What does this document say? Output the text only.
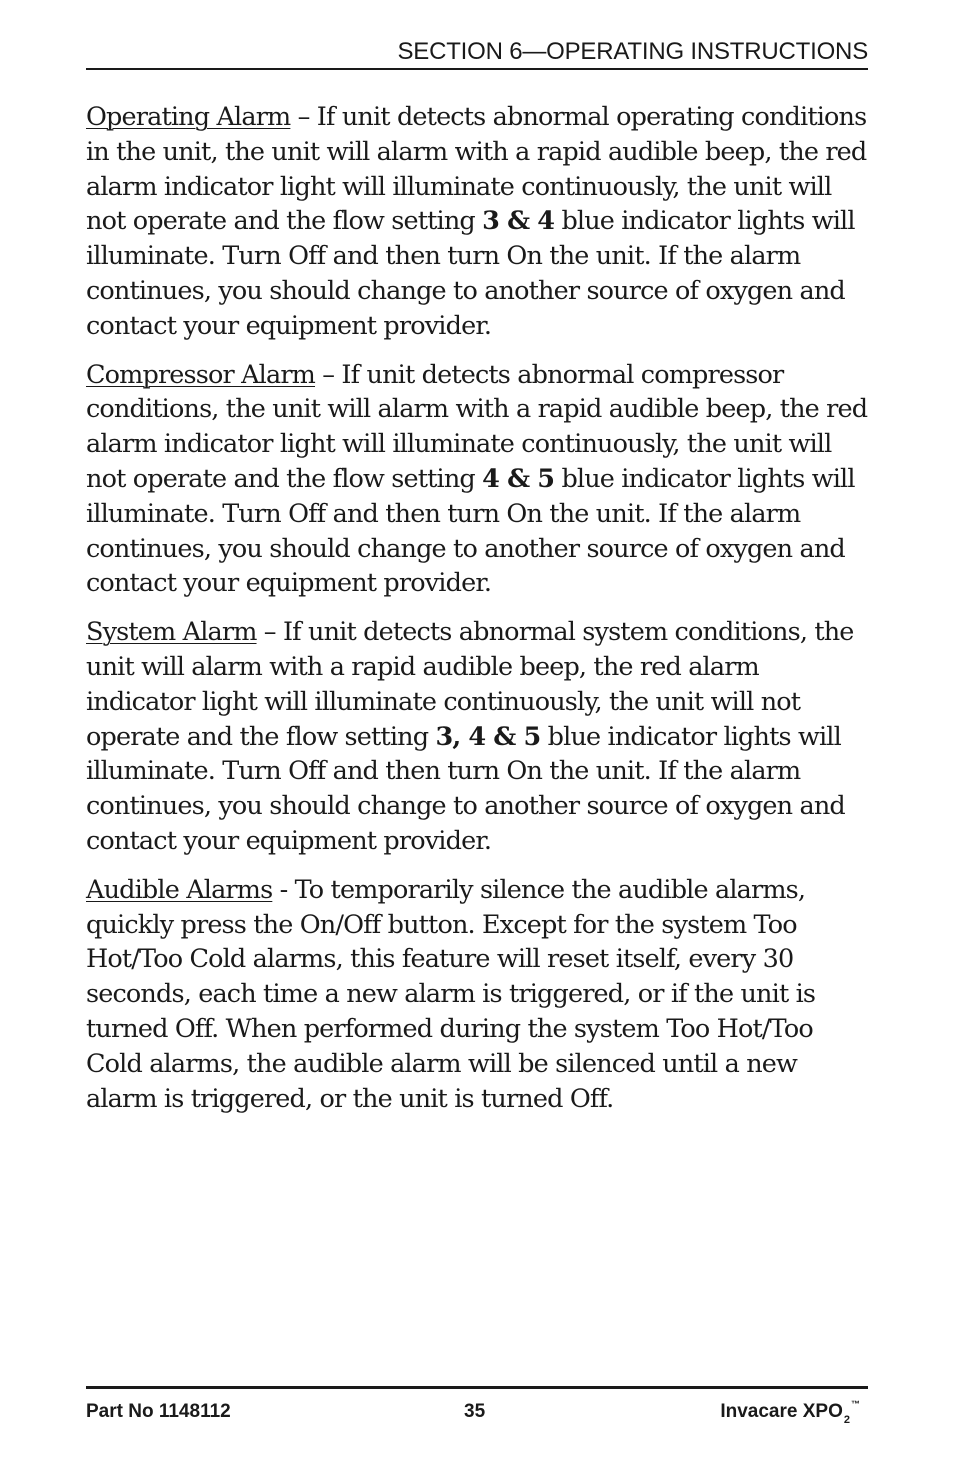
SECTION 6—OPERATING INSTRUCTIONS

Operating Alarm – If unit detects abnormal operating conditions in the unit, the unit will alarm with a rapid audible beep, the red alarm indicator light will illuminate continuously, the unit will not operate and the flow setting 3 & 4 blue indicator lights will illuminate. Turn Off and then turn On the unit. If the alarm continues, you should change to another source of oxygen and contact your equipment provider.

Compressor Alarm – If unit detects abnormal compressor conditions, the unit will alarm with a rapid audible beep, the red alarm indicator light will illuminate continuously, the unit will not operate and the flow setting 4 & 5 blue indicator lights will illuminate. Turn Off and then turn On the unit. If the alarm continues, you should change to another source of oxygen and contact your equipment provider.

System Alarm – If unit detects abnormal system conditions, the unit will alarm with a rapid audible beep, the red alarm indicator light will illuminate continuously, the unit will not operate and the flow setting 3, 4 & 5 blue indicator lights will illuminate. Turn Off and then turn On the unit. If the alarm continues, you should change to another source of oxygen and contact your equipment provider.

Audible Alarms - To temporarily silence the audible alarms, quickly press the On/Off button. Except for the system Too Hot/Too Cold alarms, this feature will reset itself, every 30 seconds, each time a new alarm is triggered, or if the unit is turned Off. When performed during the system Too Hot/Too Cold alarms, the audible alarm will be silenced until a new alarm is triggered, or the unit is turned Off.

Part No 1148112	35	Invacare $XPO_2™$
